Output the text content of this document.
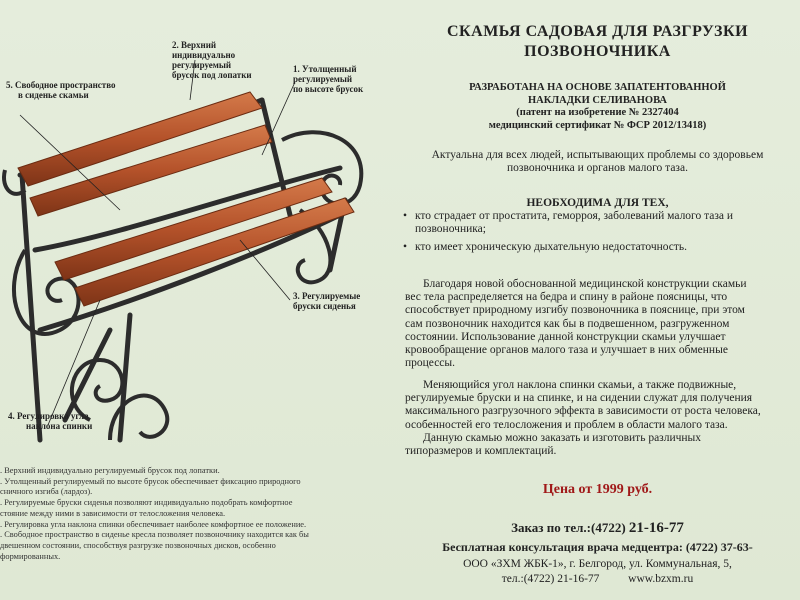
1. Утолщенный
регулируемый
по высоте брусок
2. Верхний
индивидуально
регулируемый
брусок под лопатки
3. Регулируемые
бруски сиденья
4. Регулировка угла
наклона спинки
5. Свободное пространство
в сиденье скамьи
. Верхний индивидуально регулируемый брусок под лопатки.
. Утолщенный регулируемый по высоте брусок обеспечивает фиксацию природного
сничного изгиба (лардоз).
. Регулируемые бруски сиденья позволяют индивидуально подобрать комфортное
стояние между ними в зависимости от телосложения человека.
. Регулировка угла наклона спинки обеспечивает наиболее комфортное ее положение.
. Свободное пространство в сиденье кресла позволяет позвоночнику находится как бы
двешенном состоянии, способствуя разгрузке позвоночных дисков, особенно
формированных.
СКАМЬЯ САДОВАЯ ДЛЯ РАЗГРУЗКИ
ПОЗВОНОЧНИКА
РАЗРАБОТАНА НА ОСНОВЕ ЗАПАТЕНТОВАННОЙ
НАКЛАДКИ СЕЛИВАНОВА
(патент на изобретение № 2327404
медицинский сертификат № ФСР 2012/13418)
Актуальна для всех людей, испытывающих проблемы со здоровьем
позвоночника и органов малого таза.
НЕОБХОДИМА ДЛЯ ТЕХ,
• кто страдает от простатита, геморроя, заболеваний малого таза и
позвоночника;
• кто имеет хроническую дыхательную недостаточность.
Благодаря новой обоснованной медицинской конструкции скамьи
вес тела распределяется на бедра и спину в районе поясницы, что
способствует природному изгибу позвоночника в пояснице, при этом
сам позвоночник находится как бы в подвешенном, разгруженном
состоянии. Использование данной конструкции скамьи улучшает
кровообращение органов малого таза и улучшает в них обменные
процессы.
Меняющийся угол наклона спинки скамьи, а также подвижные,
регулируемые бруски и на спинке, и на сидении служат для получения
максимального разгрузочного эффекта в зависимости от роста человека,
особенностей его телосложения и проблем в области малого таза.
Данную скамью можно заказать и изготовить различных
типоразмеров и комплектаций.
Цена от 1999 руб.
Заказ по тел.:(4722) 21-16-77
Бесплатная консультация врача медцентра: (4722) 37-63-
ООО «ЗХМ ЖБК-1», г. Белгород, ул. Коммунальная, 5,
тел.:(4722) 21-16-77          www.bzxm.ru
